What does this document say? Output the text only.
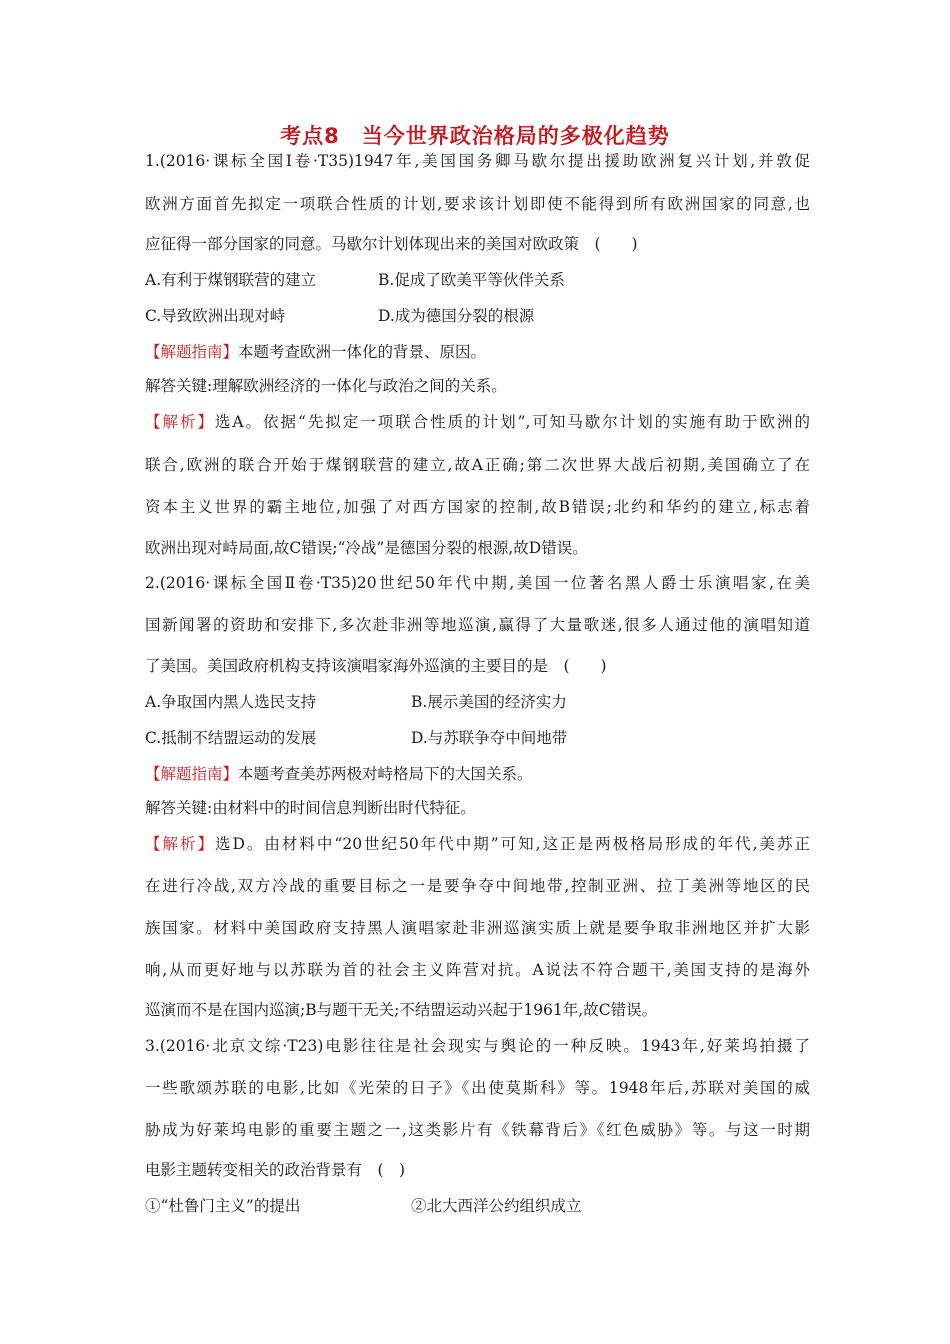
考点8　当今世界政治格局的多极化趋势
1.(2016·课标全国Ⅰ卷·T35)1947年,美国国务卿马歇尔提出援助欧洲复兴计划,并敦促
欧洲方面首先拟定一项联合性质的计划,要求该计划即使不能得到所有欧洲国家的同意,也
应征得一部分国家的同意。马歇尔计划体现出来的美国对欧政策　(　　)
A.有利于煤钢联营的建立	B.促成了欧美平等伙伴关系
C.导致欧洲出现对峙	D.成为德国分裂的根源
【解题指南】本题考查欧洲一体化的背景、原因。
解答关键:理解欧洲经济的一体化与政治之间的关系。
【解析】选A。依据“先拟定一项联合性质的计划”,可知马歇尔计划的实施有助于欧洲的
联合,欧洲的联合开始于煤钢联营的建立,故A正确;第二次世界大战后初期,美国确立了在
资本主义世界的霸主地位,加强了对西方国家的控制,故B错误;北约和华约的建立,标志着
欧洲出现对峙局面,故C错误;“冷战”是德国分裂的根源,故D错误。
2.(2016·课标全国Ⅱ卷·T35)20世纪50年代中期,美国一位著名黑人爵士乐演唱家,在美
国新闻署的资助和安排下,多次赴非洲等地巡演,赢得了大量歌迷,很多人通过他的演唱知道
了美国。美国政府机构支持该演唱家海外巡演的主要目的是　(　　)
A.争取国内黑人选民支持	B.展示美国的经济实力
C.抵制不结盟运动的发展	D.与苏联争夺中间地带
【解题指南】本题考查美苏两极对峙格局下的大国关系。
解答关键:由材料中的时间信息判断出时代特征。
【解析】选D。由材料中“20世纪50年代中期”可知,这正是两极格局形成的年代,美苏正
在进行冷战,双方冷战的重要目标之一是要争夺中间地带,控制亚洲、拉丁美洲等地区的民
族国家。材料中美国政府支持黑人演唱家赴非洲巡演实质上就是要争取非洲地区并扩大影
响,从而更好地与以苏联为首的社会主义阵营对抗。A说法不符合题干,美国支持的是海外
巡演而不是在国内巡演;B与题干无关;不结盟运动兴起于1961年,故C错误。
3.(2016·北京文综·T23)电影往往是社会现实与舆论的一种反映。1943年,好莱坞拍摄了
一些歌颂苏联的电影,比如《光荣的日子》《出使莫斯科》等。1948年后,苏联对美国的威
胁成为好莱坞电影的重要主题之一,这类影片有《铁幕背后》《红色威胁》等。与这一时期
电影主题转变相关的政治背景有　(　)
①“杜鲁门主义”的提出	②北大西洋公约组织成立
